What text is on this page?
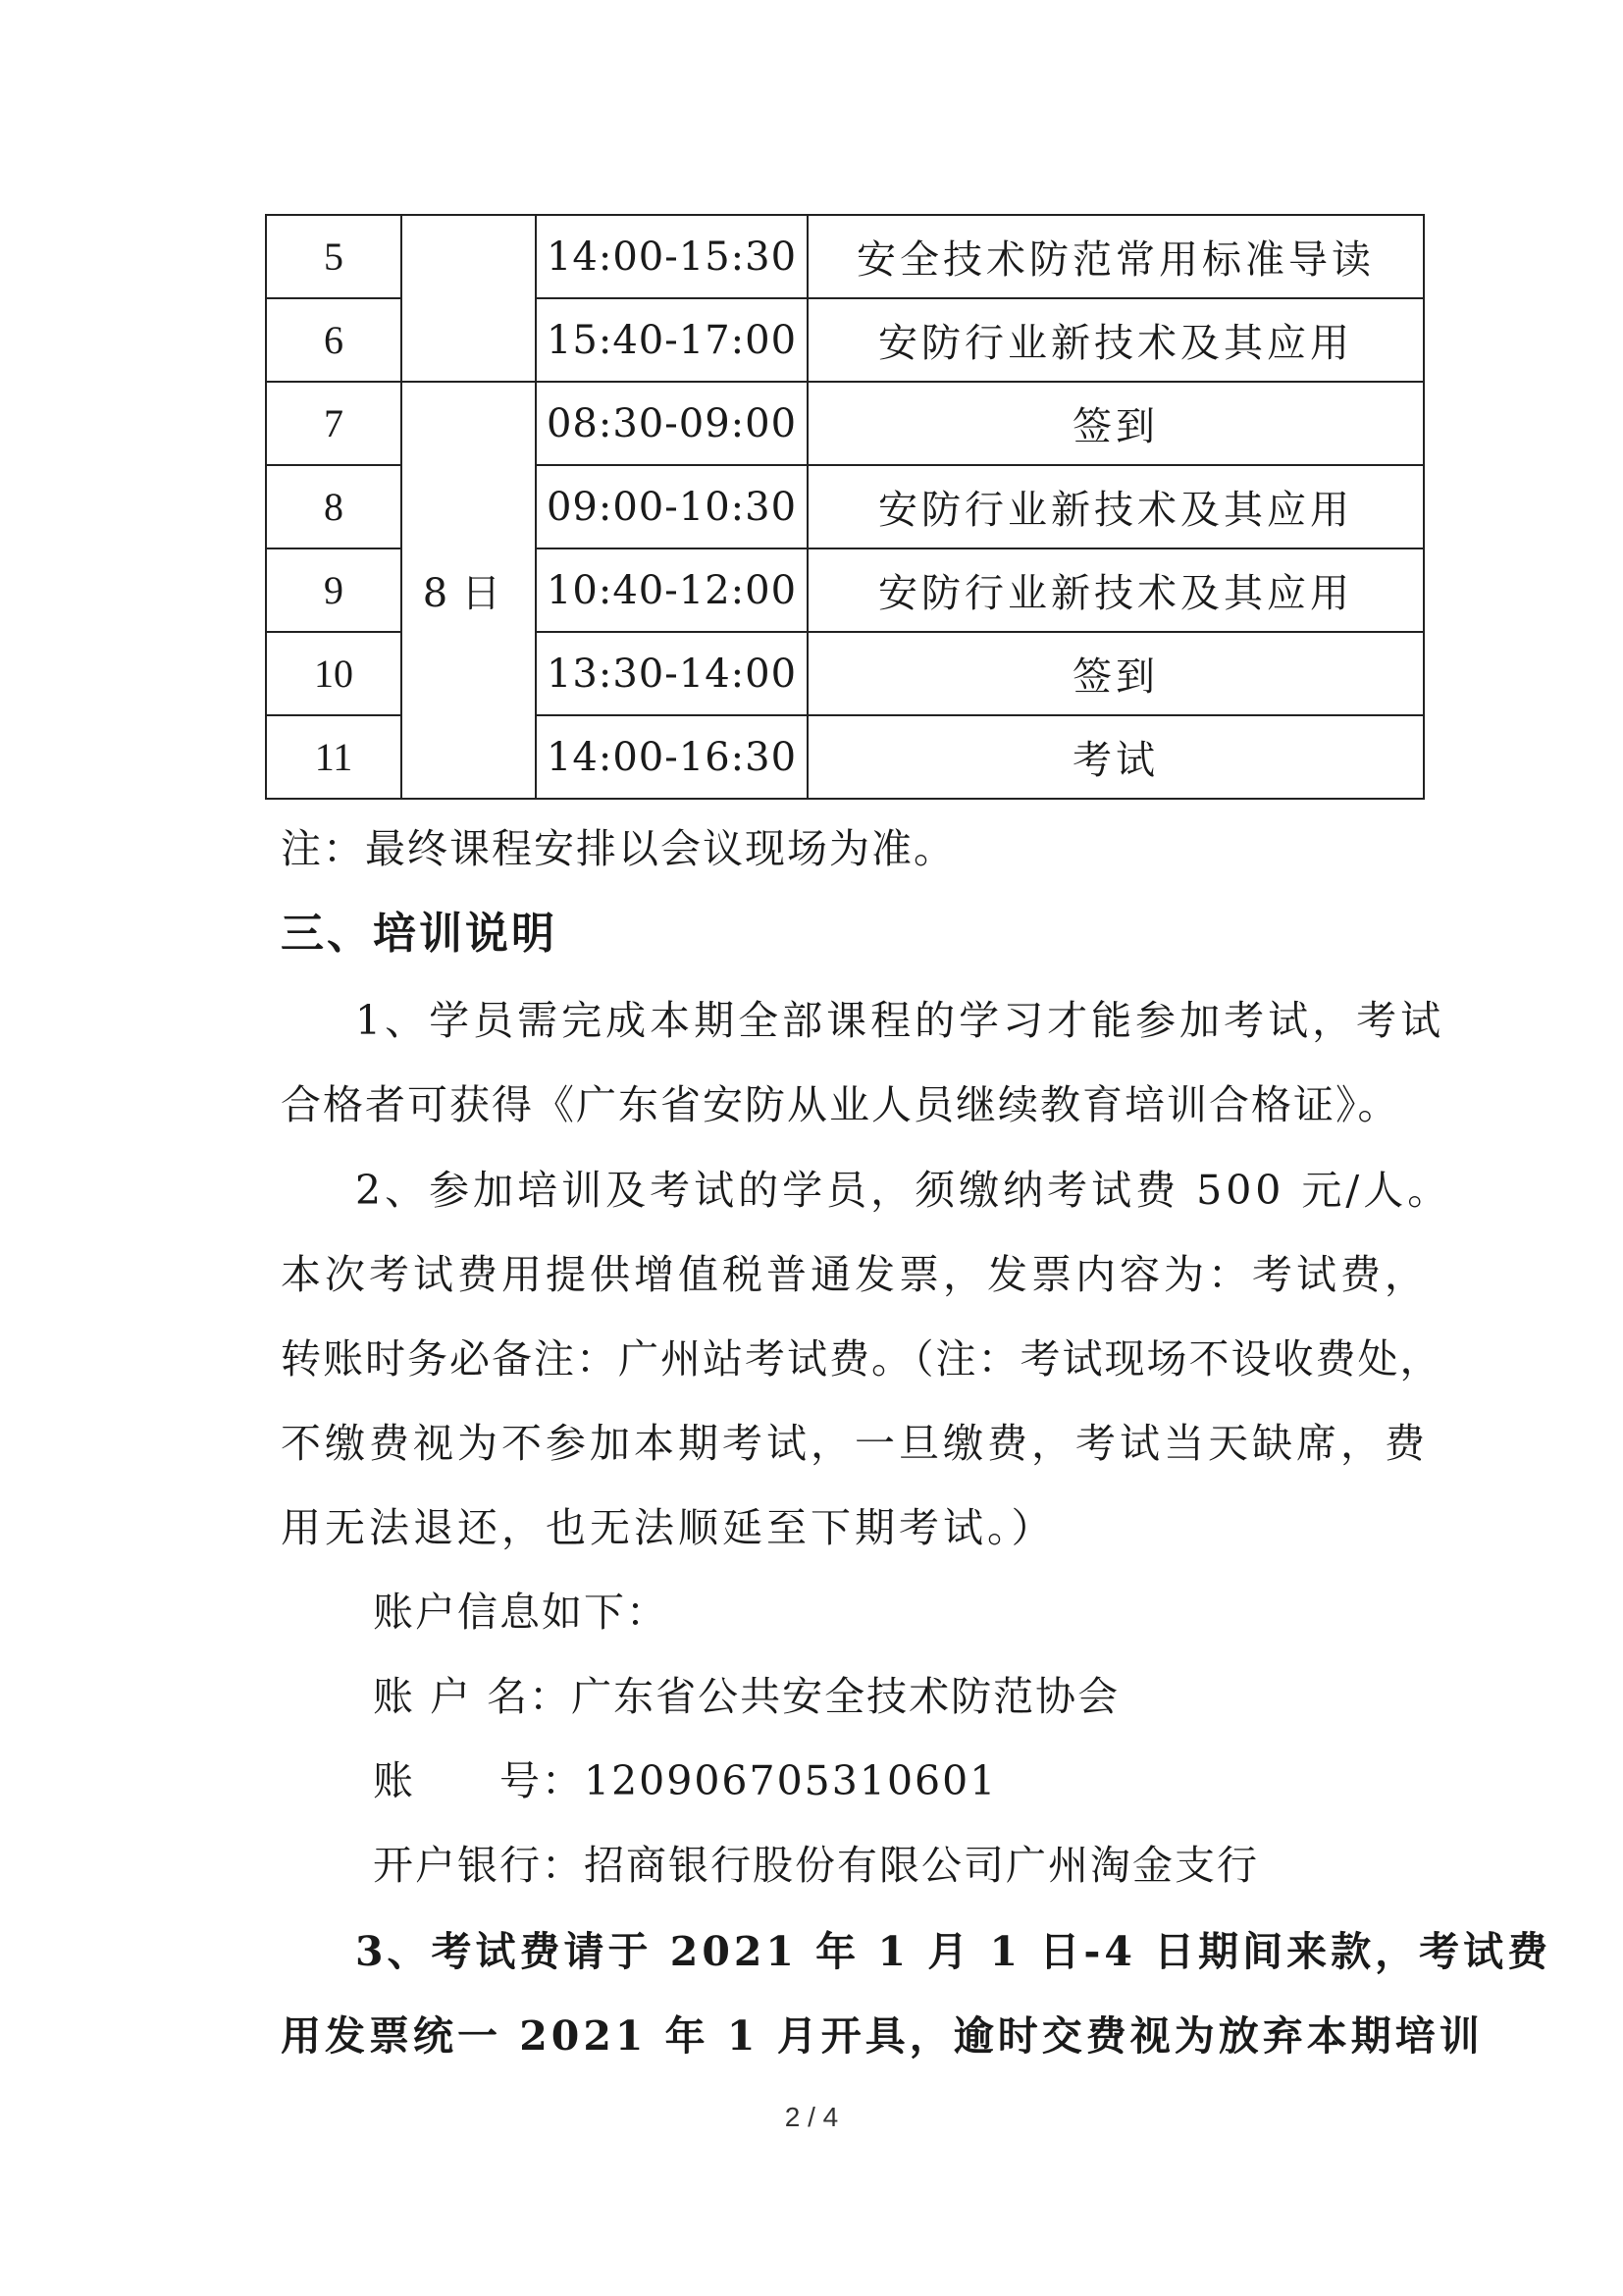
5		14:00-15:30	安全技术防范常用标准导读
6		15:40-17:00	安防行业新技术及其应用
7	8日	08:30-09:00	签到
8		09:00-10:30	安防行业新技术及其应用
9		10:40-12:00	安防行业新技术及其应用
10		13:30-14:00	签到
11		14:00-16:30	考试
注：最终课程安排以会议现场为准。
三、培训说明
1、学员需完成本期全部课程的学习才能参加考试，考试
合格者可获得《广东省安防从业人员继续教育培训合格证》。
2、参加培训及考试的学员，须缴纳考试费 500 元/人。
本次考试费用提供增值税普通发票，发票内容为：考试费，
转账时务必备注：广州站考试费。（注：考试现场不设收费处，
不缴费视为不参加本期考试，一旦缴费，考试当天缺席，费
用无法退还，也无法顺延至下期考试。）
账户信息如下：
账 户 名：广东省公共安全技术防范协会
账　　号：120906705310601
开户银行：招商银行股份有限公司广州淘金支行
3、考试费请于 2021 年 1 月 1 日-4 日期间来款，考试费
用发票统一 2021 年 1 月开具，逾时交费视为放弃本期培训
2 / 4
